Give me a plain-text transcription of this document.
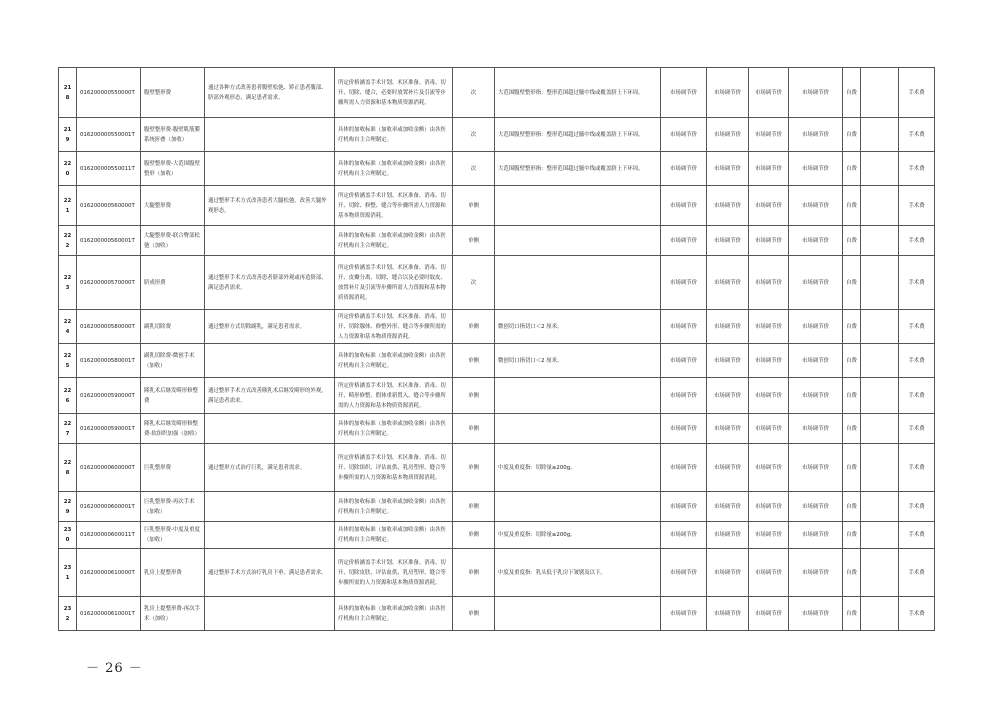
218	016200000550000T	腹壁整形费	通过各种方式改善患者腹壁松弛、矫正患者腹部、脐部外观形态，满足患者需求。	所定价格涵盖手术计划、术区准备、消毒、切开、切除、缝合，必要时放置补片及引流等步骤所需人力资源和基本物质资源消耗。	次	大范围腹壁整形指：整形范围超过腋中线或覆盖脐上下环周。	市场调节价	市场调节价	市场调节价	市场调节价	自费		手术费
219	016200000550001T	腹壁整形费-腹壁肌筋膜系统折叠（加收）		具体的加收标准（加收率或加收金额）由各医疗机构自主合理制定。	次	大范围腹壁整形指：整形范围超过腋中线或覆盖脐上下环周。	市场调节价	市场调节价	市场调节价	市场调节价	自费		手术费
220	016200000550011T	腹壁整形费-大范围腹壁整形（加收）		具体的加收标准（加收率或加收金额）由各医疗机构自主合理制定。	次	大范围腹壁整形指：整形范围超过腋中线或覆盖脐上下环周。	市场调节价	市场调节价	市场调节价	市场调节价	自费		手术费
221	016200000560000T	大腿整形费	通过整形手术方式改善患者大腿松弛，改善大腿外观形态。	所定价格涵盖手术计划、术区准备、消毒、切开、切除、修整、缝合等步骤所需人力资源和基本物质资源消耗。	单侧		市场调节价	市场调节价	市场调节价	市场调节价	自费		手术费
222	016200000560001T	大腿整形费-联合臀部松弛（加收）		具体的加收标准（加收率或加收金额）由各医疗机构自主合理制定。	单侧		市场调节价	市场调节价	市场调节价	市场调节价	自费		手术费
223	016200000570000T	脐成形费	通过整形手术方式改善患者脐部外观或再造脐部，满足患者需求。	所定价格涵盖手术计划、术区准备、消毒、切开、皮瓣分离、切除、缝合以及必要时取皮、放置补片及引流等步骤所需人力资源和基本物质资源消耗。	次		市场调节价	市场调节价	市场调节价	市场调节价	自费		手术费
224	016200000580000T	副乳切除费	通过整形方式切除副乳，满足患者需求。	所定价格涵盖手术计划、术区准备、消毒、切开、切除腺体、修整外形、缝合等步骤所需的人力资源和基本物质资源消耗。	单侧	微创切口指切口＜2 厘米。	市场调节价	市场调节价	市场调节价	市场调节价	自费		手术费
225	016200000580001T	副乳切除费-微创手术（加收）		具体的加收标准（加收率或加收金额）由各医疗机构自主合理制定。	单侧	微创切口指切口＜2 厘米。	市场调节价	市场调节价	市场调节价	市场调节价	自费		手术费
226	016200000590000T	隆乳术后继发畸形修整费	通过整形手术方式改善隆乳术后继发畸形的外观，满足患者需求。	所定价格涵盖手术计划、术区准备、消毒、切开、畸形修整、假体重新置入、缝合等步骤所需的人力资源和基本物质资源消耗。	单侧		市场调节价	市场调节价	市场调节价	市场调节价	自费		手术费
227	016200000590001T	隆乳术后继发畸形修整费-软组织加强（加收）		具体的加收标准（加收率或加收金额）由各医疗机构自主合理制定。	单侧		市场调节价	市场调节价	市场调节价	市场调节价	自费		手术费
228	016200000600000T	巨乳整形费	通过整形方式治疗巨乳，满足患者需求。	所定价格涵盖手术计划、术区准备、消毒、切开、切除组织、评估血供、乳房塑形、缝合等步骤所需的人力资源和基本物质资源消耗。	单侧	中度及重度指：切除量≥200g。	市场调节价	市场调节价	市场调节价	市场调节价	自费		手术费
229	016200000600001T	巨乳整形费-再次手术（加收）		具体的加收标准（加收率或加收金额）由各医疗机构自主合理制定。	单侧		市场调节价	市场调节价	市场调节价	市场调节价	自费		手术费
230	016200000600011T	巨乳整形费-中度及重度（加收）		具体的加收标准（加收率或加收金额）由各医疗机构自主合理制定。	单侧	中度及重度指：切除量≥200g。	市场调节价	市场调节价	市场调节价	市场调节价	自费		手术费
231	016200000610000T	乳房上提整形费	通过整形手术方式治疗乳房下垂，满足患者需求。	所定价格涵盖手术计划、术区准备、消毒、切开、切除皮肤、评估血供、乳房塑形、缝合等步骤所需的人力资源和基本物质资源消耗。	单侧	中度及重度指：乳头低于乳房下皱襞及以下。	市场调节价	市场调节价	市场调节价	市场调节价	自费		手术费
232	016200000610001T	乳房上提整形费-再次手术（加收）		具体的加收标准（加收率或加收金额）由各医疗机构自主合理制定。	单侧		市场调节价	市场调节价	市场调节价	市场调节价	自费		手术费
－ 26 －
